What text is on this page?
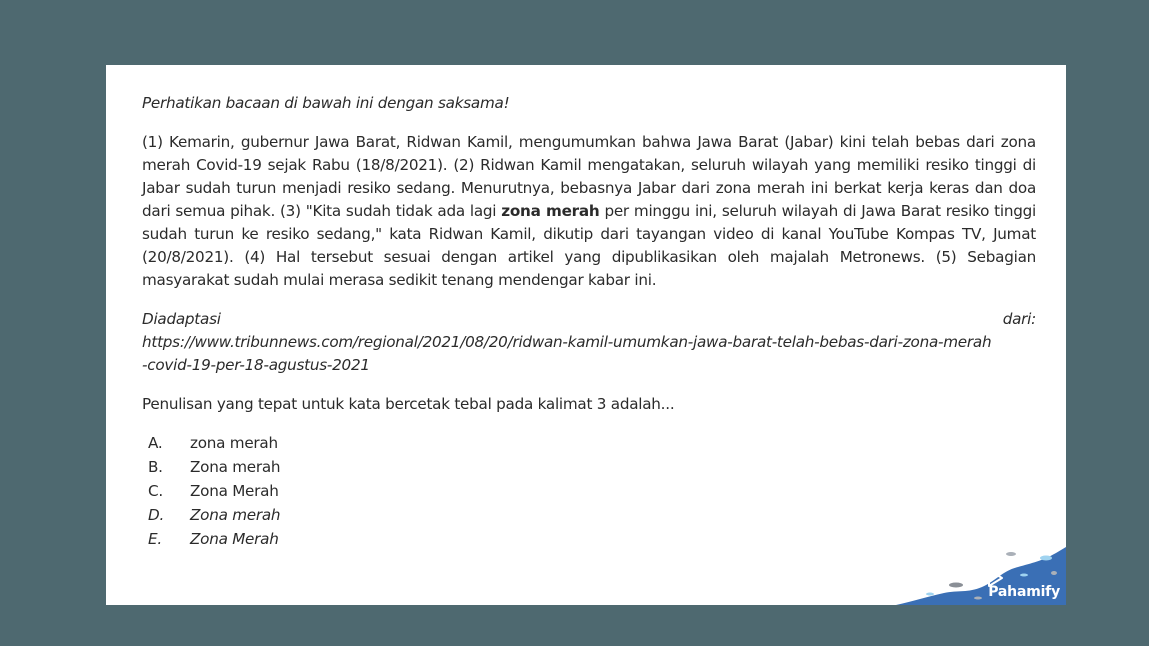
Perhatikan bacaan di bawah ini dengan saksama!

(1) Kemarin, gubernur Jawa Barat, Ridwan Kamil, mengumumkan bahwa Jawa Barat (Jabar) kini telah bebas dari zona merah Covid-19 sejak Rabu (18/8/2021). (2) Ridwan Kamil mengatakan, seluruh wilayah yang memiliki resiko tinggi di Jabar sudah turun menjadi resiko sedang. Menurutnya, bebasnya Jabar dari zona merah ini berkat kerja keras dan doa dari semua pihak. (3) "Kita sudah tidak ada lagi zona merah per minggu ini, seluruh wilayah di Jawa Barat resiko tinggi sudah turun ke resiko sedang," kata Ridwan Kamil, dikutip dari tayangan video di kanal YouTube Kompas TV, Jumat (20/8/2021). (4) Hal tersebut sesuai dengan artikel yang dipublikasikan oleh majalah Metronews. (5) Sebagian masyarakat sudah mulai merasa sedikit tenang mendengar kabar ini.

Diadaptasi	dari:
https://www.tribunnews.com/regional/2021/08/20/ridwan-kamil-umumkan-jawa-barat-telah-bebas-dari-zona-merah
-covid-19-per-18-agustus-2021

Penulisan yang tepat untuk kata bercetak tebal pada kalimat 3 adalah...

A.	zona merah
B.	Zona merah
C.	Zona Merah
D.	Zona merah
E.	Zona Merah
Pahamify
